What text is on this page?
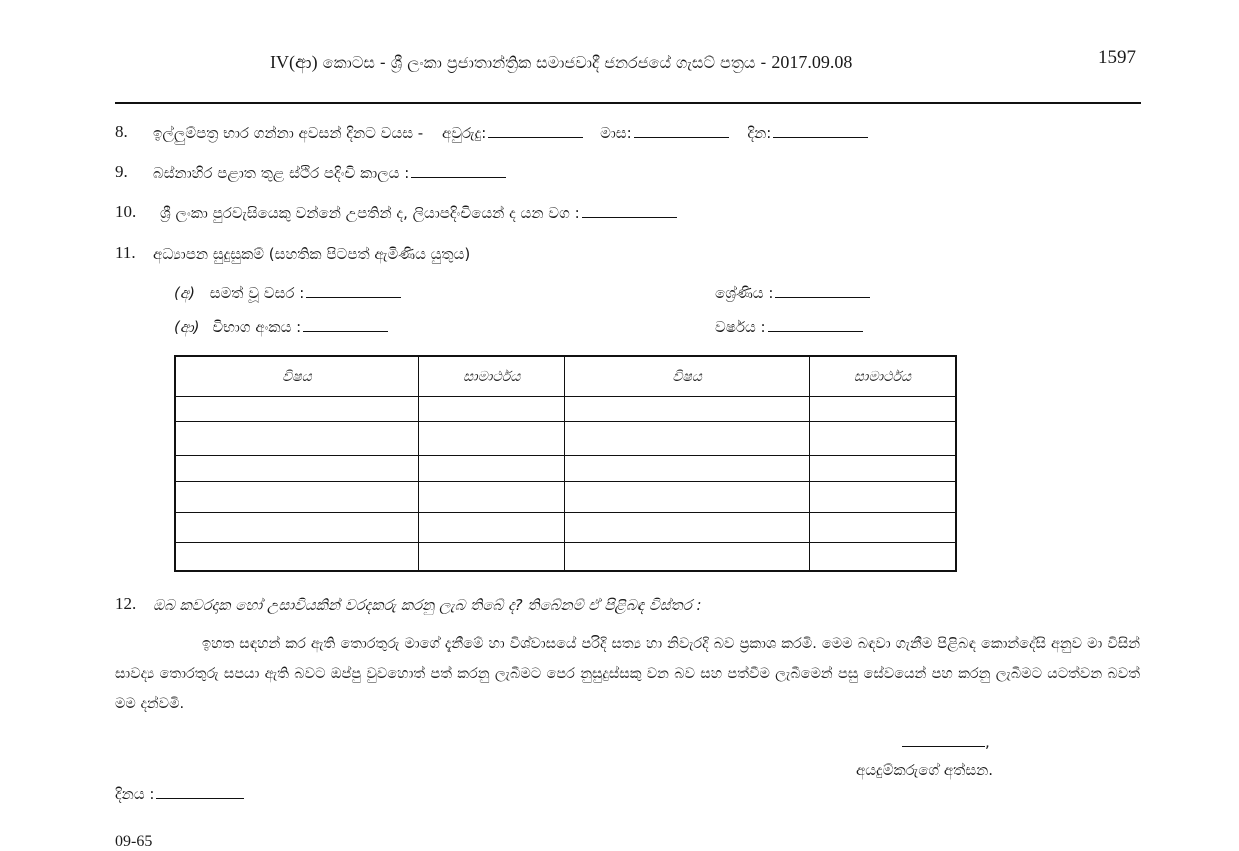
IV(ආ) කොටස - ශ්‍රී ලංකා ප්‍රජාතාන්ත්‍රික සමාජවාදී ජනරජයේ ගැසට් පත්‍රය - 2017.09.08	1597
8. ඉල්ලුම්පත්‍ර භාර ගන්නා අවසන් දිනට වයස - අවුරුදු:	මාස:	දින:
9. බස්නාහිර පළාත තුළ ස්ථිර පදිංචි කාලය :
10. ශ්‍රී ලංකා පුරවැසියෙකු වන්නේ උපතින් ද, ලියාපදිංචියෙන් ද යන වග :
11. අධ්‍යාපන සුදුසුකම් (සහතික පිටපත් ඇමිණිය යුතුය)
(අ) සමත් වූ වසර :	ශ්‍රේණිය :
(ආ) විභාග අංකය :	වර්ෂය :
විෂය	සාමාර්ථය	විෂය	සාමාර්ථය

12. ඔබ කවරදාක හෝ උසාවියකින් වරදකරු කරනු ලැබ තිබේ ද? තිබේනම් ඒ පිළිබඳ විස්තර :
ඉහත සඳහන් කර ඇති තොරතුරු මාගේ දැනීමේ හා විශ්වාසයේ පරිදි සත්‍ය හා නිවැරදි බව ප්‍රකාශ කරමි. මෙම බඳවා ගැනීම පිළිබඳ කොන්දේසි අනුව මා විසින් සාවද්‍ය තොරතුරු සපයා ඇති බවට ඔප්පු වුවහොත් පත් කරනු ලැබීමට පෙර නුසුදුස්සකු වන බව සහ පත්වීම ලැබීමෙන් පසු සේවයෙන් පහ කරනු ලැබීමට යටත්වන බවත් මම දන්වමි.
,
අයදුම්කරුගේ අත්සන.
දිනය :
09-65
